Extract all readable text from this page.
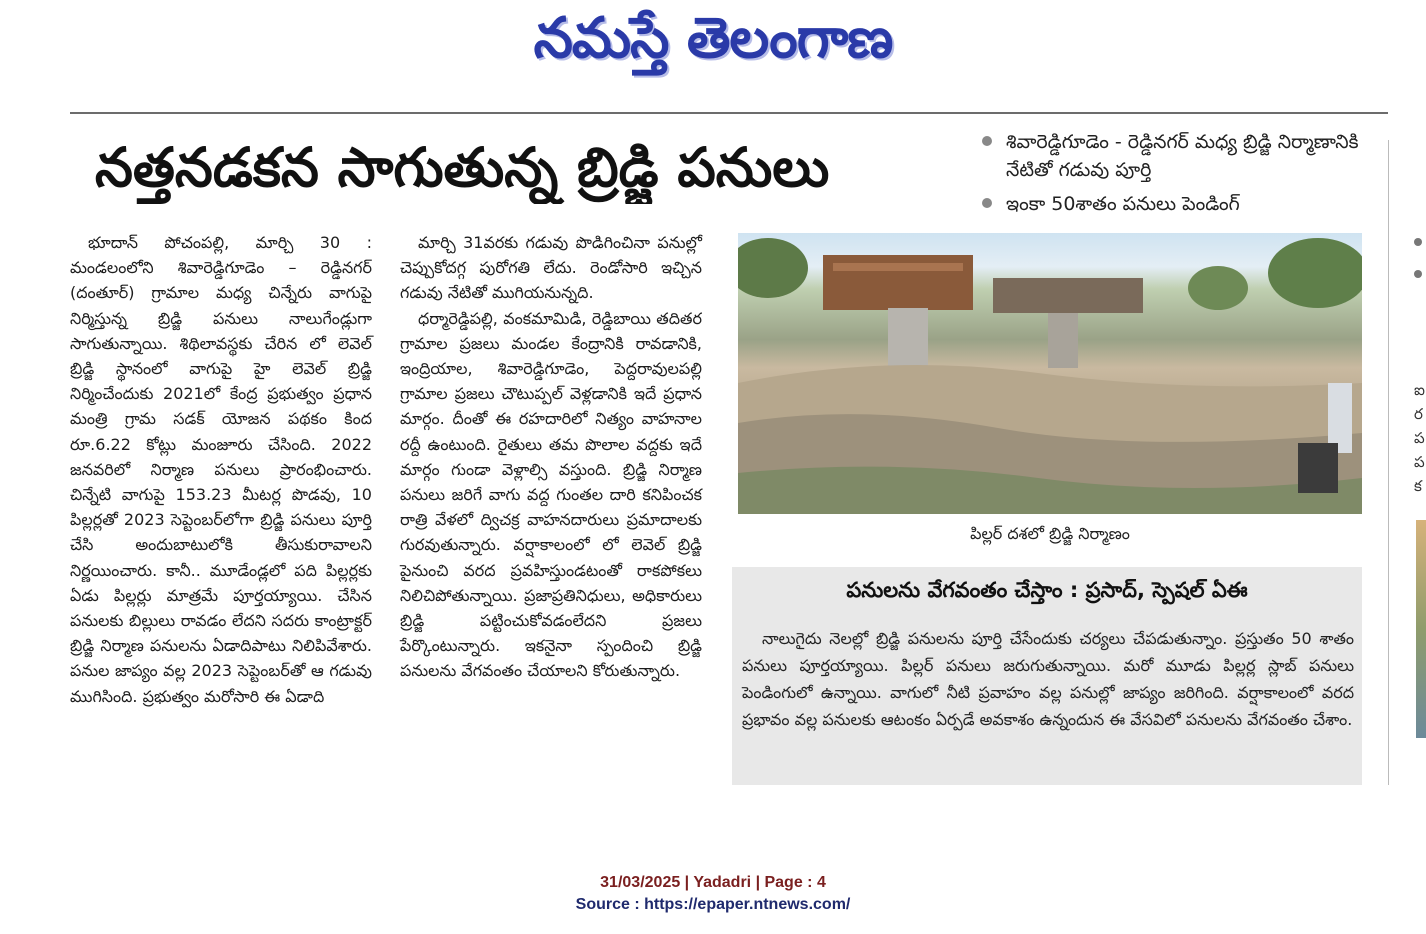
నమస్తే తెలంగాణ
నత్తనడకన సాగుతున్న బ్రిడ్జి పనులు	శివారెడ్డిగూడెం - రెడ్డినగర్ మధ్య బ్రిడ్జి నిర్మాణానికి నేటితో గడువు పూర్తి
ఇంకా 50శాతం పనులు పెండింగ్

భూదాన్ పోచంపల్లి, మార్చి 30 : మండలంలోని శివారెడ్డిగూడెం – రెడ్డినగర్ (దంతూర్) గ్రామాల మధ్య చిన్నేరు వాగుపై నిర్మిస్తున్న బ్రిడ్జి పనులు నాలుగేండ్లుగా సాగుతున్నాయి. శిథిలావస్థకు చేరిన లో లెవెల్ బ్రిడ్జి స్థానంలో వాగుపై హై లెవెల్ బ్రిడ్జి నిర్మించేందుకు 2021లో కేంద్ర ప్రభుత్వం ప్రధాన మంత్రి గ్రామ సడక్ యోజన పథకం కింద రూ.6.22 కోట్లు మంజూరు చేసింది. 2022 జనవరిలో నిర్మాణ పనులు ప్రారంభించారు. చిన్నేటి వాగుపై 153.23 మీటర్ల పొడవు, 10 పిల్లర్లతో 2023 సెప్టెంబర్‌లోగా బ్రిడ్జి పనులు పూర్తి చేసి అందుబాటులోకి తీసుకురావాలని నిర్ణయించారు. కానీ.. మూడేండ్లలో పది పిల్లర్లకు ఏడు పిల్లర్లు మాత్రమే పూర్తయ్యాయి. చేసిన పనులకు బిల్లులు రావడం లేదని సదరు కాంట్రాక్టర్ బ్రిడ్జి నిర్మాణ పనులను ఏడాదిపాటు నిలిపివేశారు. పనుల జాప్యం వల్ల 2023 సెప్టెంబర్‌తో ఆ గడువు ముగిసింది. ప్రభుత్వం మరోసారి ఈ ఏడాది

మార్చి 31వరకు గడువు పొడిగించినా పనుల్లో చెప్పుకోదగ్గ పురోగతి లేదు. రెండోసారి ఇచ్చిన గడువు నేటితో ముగియనున్నది.

ధర్మారెడ్డిపల్లి, వంకమామిడి, రెడ్డిబాయి తదితర గ్రామాల ప్రజలు మండల కేంద్రానికి రావడానికి, ఇంద్రియాల, శివారెడ్డిగూడెం, పెద్దరావులపల్లి గ్రామాల ప్రజలు చౌటుప్పల్ వెళ్లడానికి ఇదే ప్రధాన మార్గం. దీంతో ఈ రహదారిలో నిత్యం వాహనాల రద్దీ ఉంటుంది. రైతులు తమ పొలాల వద్దకు ఇదే మార్గం గుండా వెళ్లాల్సి వస్తుంది. బ్రిడ్జి నిర్మాణ పనులు జరిగే వాగు వద్ద గుంతల దారి కనిపించక రాత్రి వేళలో ద్విచక్ర వాహనదారులు ప్రమాదాలకు గురవుతున్నారు. వర్షాకాలంలో లో లెవెల్ బ్రిడ్జి పైనుంచి వరద ప్రవహిస్తుండటంతో రాకపోకలు నిలిచిపోతున్నాయి. ప్రజాప్రతినిధులు, అధికారులు బ్రిడ్జి పట్టించుకోవడంలేదని ప్రజలు పేర్కొంటున్నారు. ఇకనైనా స్పందించి బ్రిడ్జి పనులను వేగవంతం చేయాలని కోరుతున్నారు.

పిల్లర్ దశలో బ్రిడ్జి నిర్మాణం
పనులను వేగవంతం చేస్తాం : ప్రసాద్, స్పెషల్ ఏఈ

నాలుగైదు నెలల్లో బ్రిడ్జి పనులను పూర్తి చేసేందుకు చర్యలు చేపడుతున్నాం. ప్రస్తుతం 50 శాతం పనులు పూర్తయ్యాయి. పిల్లర్ పనులు జరుగుతున్నాయి. మరో మూడు పిల్లర్ల స్లాబ్ పనులు పెండింగులో ఉన్నాయి. వాగులో నీటి ప్రవాహం వల్ల పనుల్లో జాప్యం జరిగింది. వర్షాకాలంలో వరద ప్రభావం వల్ల పనులకు ఆటంకం ఏర్పడే అవకాశం ఉన్నందున ఈ వేసవిలో పనులను వేగవంతం చేశాం.

ఐ ర ప ప క
31/03/2025 | Yadadri | Page : 4
Source : https://epaper.ntnews.com/
